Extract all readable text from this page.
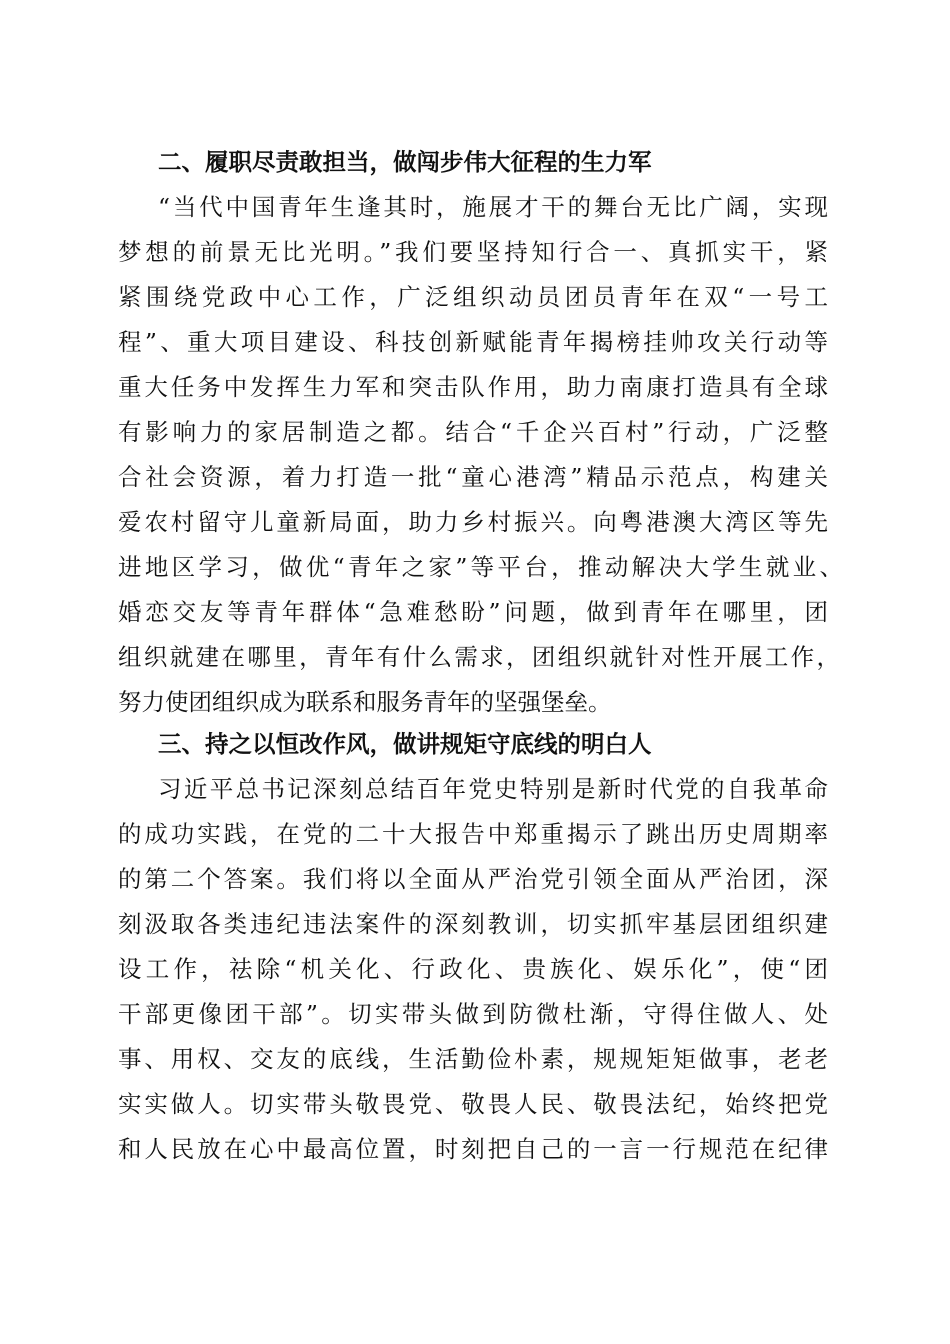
二、履职尽责敢担当，做闯步伟大征程的生力军
“当代中国青年生逢其时，施展才干的舞台无比广阔，实现
梦想的前景无比光明。”我们要坚持知行合一、真抓实干，紧
紧围绕党政中心工作，广泛组织动员团员青年在双“一号工
程”、重大项目建设、科技创新赋能青年揭榜挂帅攻关行动等
重大任务中发挥生力军和突击队作用，助力南康打造具有全球
有影响力的家居制造之都。结合“千企兴百村”行动，广泛整
合社会资源，着力打造一批“童心港湾”精品示范点，构建关
爱农村留守儿童新局面，助力乡村振兴。向粤港澳大湾区等先
进地区学习，做优“青年之家”等平台，推动解决大学生就业、
婚恋交友等青年群体“急难愁盼”问题，做到青年在哪里，团
组织就建在哪里，青年有什么需求，团组织就针对性开展工作，
努力使团组织成为联系和服务青年的坚强堡垒。
三、持之以恒改作风，做讲规矩守底线的明白人
习近平总书记深刻总结百年党史特别是新时代党的自我革命
的成功实践，在党的二十大报告中郑重揭示了跳出历史周期率
的第二个答案。我们将以全面从严治党引领全面从严治团，深
刻汲取各类违纪违法案件的深刻教训，切实抓牢基层团组织建
设工作，祛除“机关化、行政化、贵族化、娱乐化”，使“团
干部更像团干部”。切实带头做到防微杜渐，守得住做人、处
事、用权、交友的底线，生活勤俭朴素，规规矩矩做事，老老
实实做人。切实带头敬畏党、敬畏人民、敬畏法纪，始终把党
和人民放在心中最高位置，时刻把自己的一言一行规范在纪律
